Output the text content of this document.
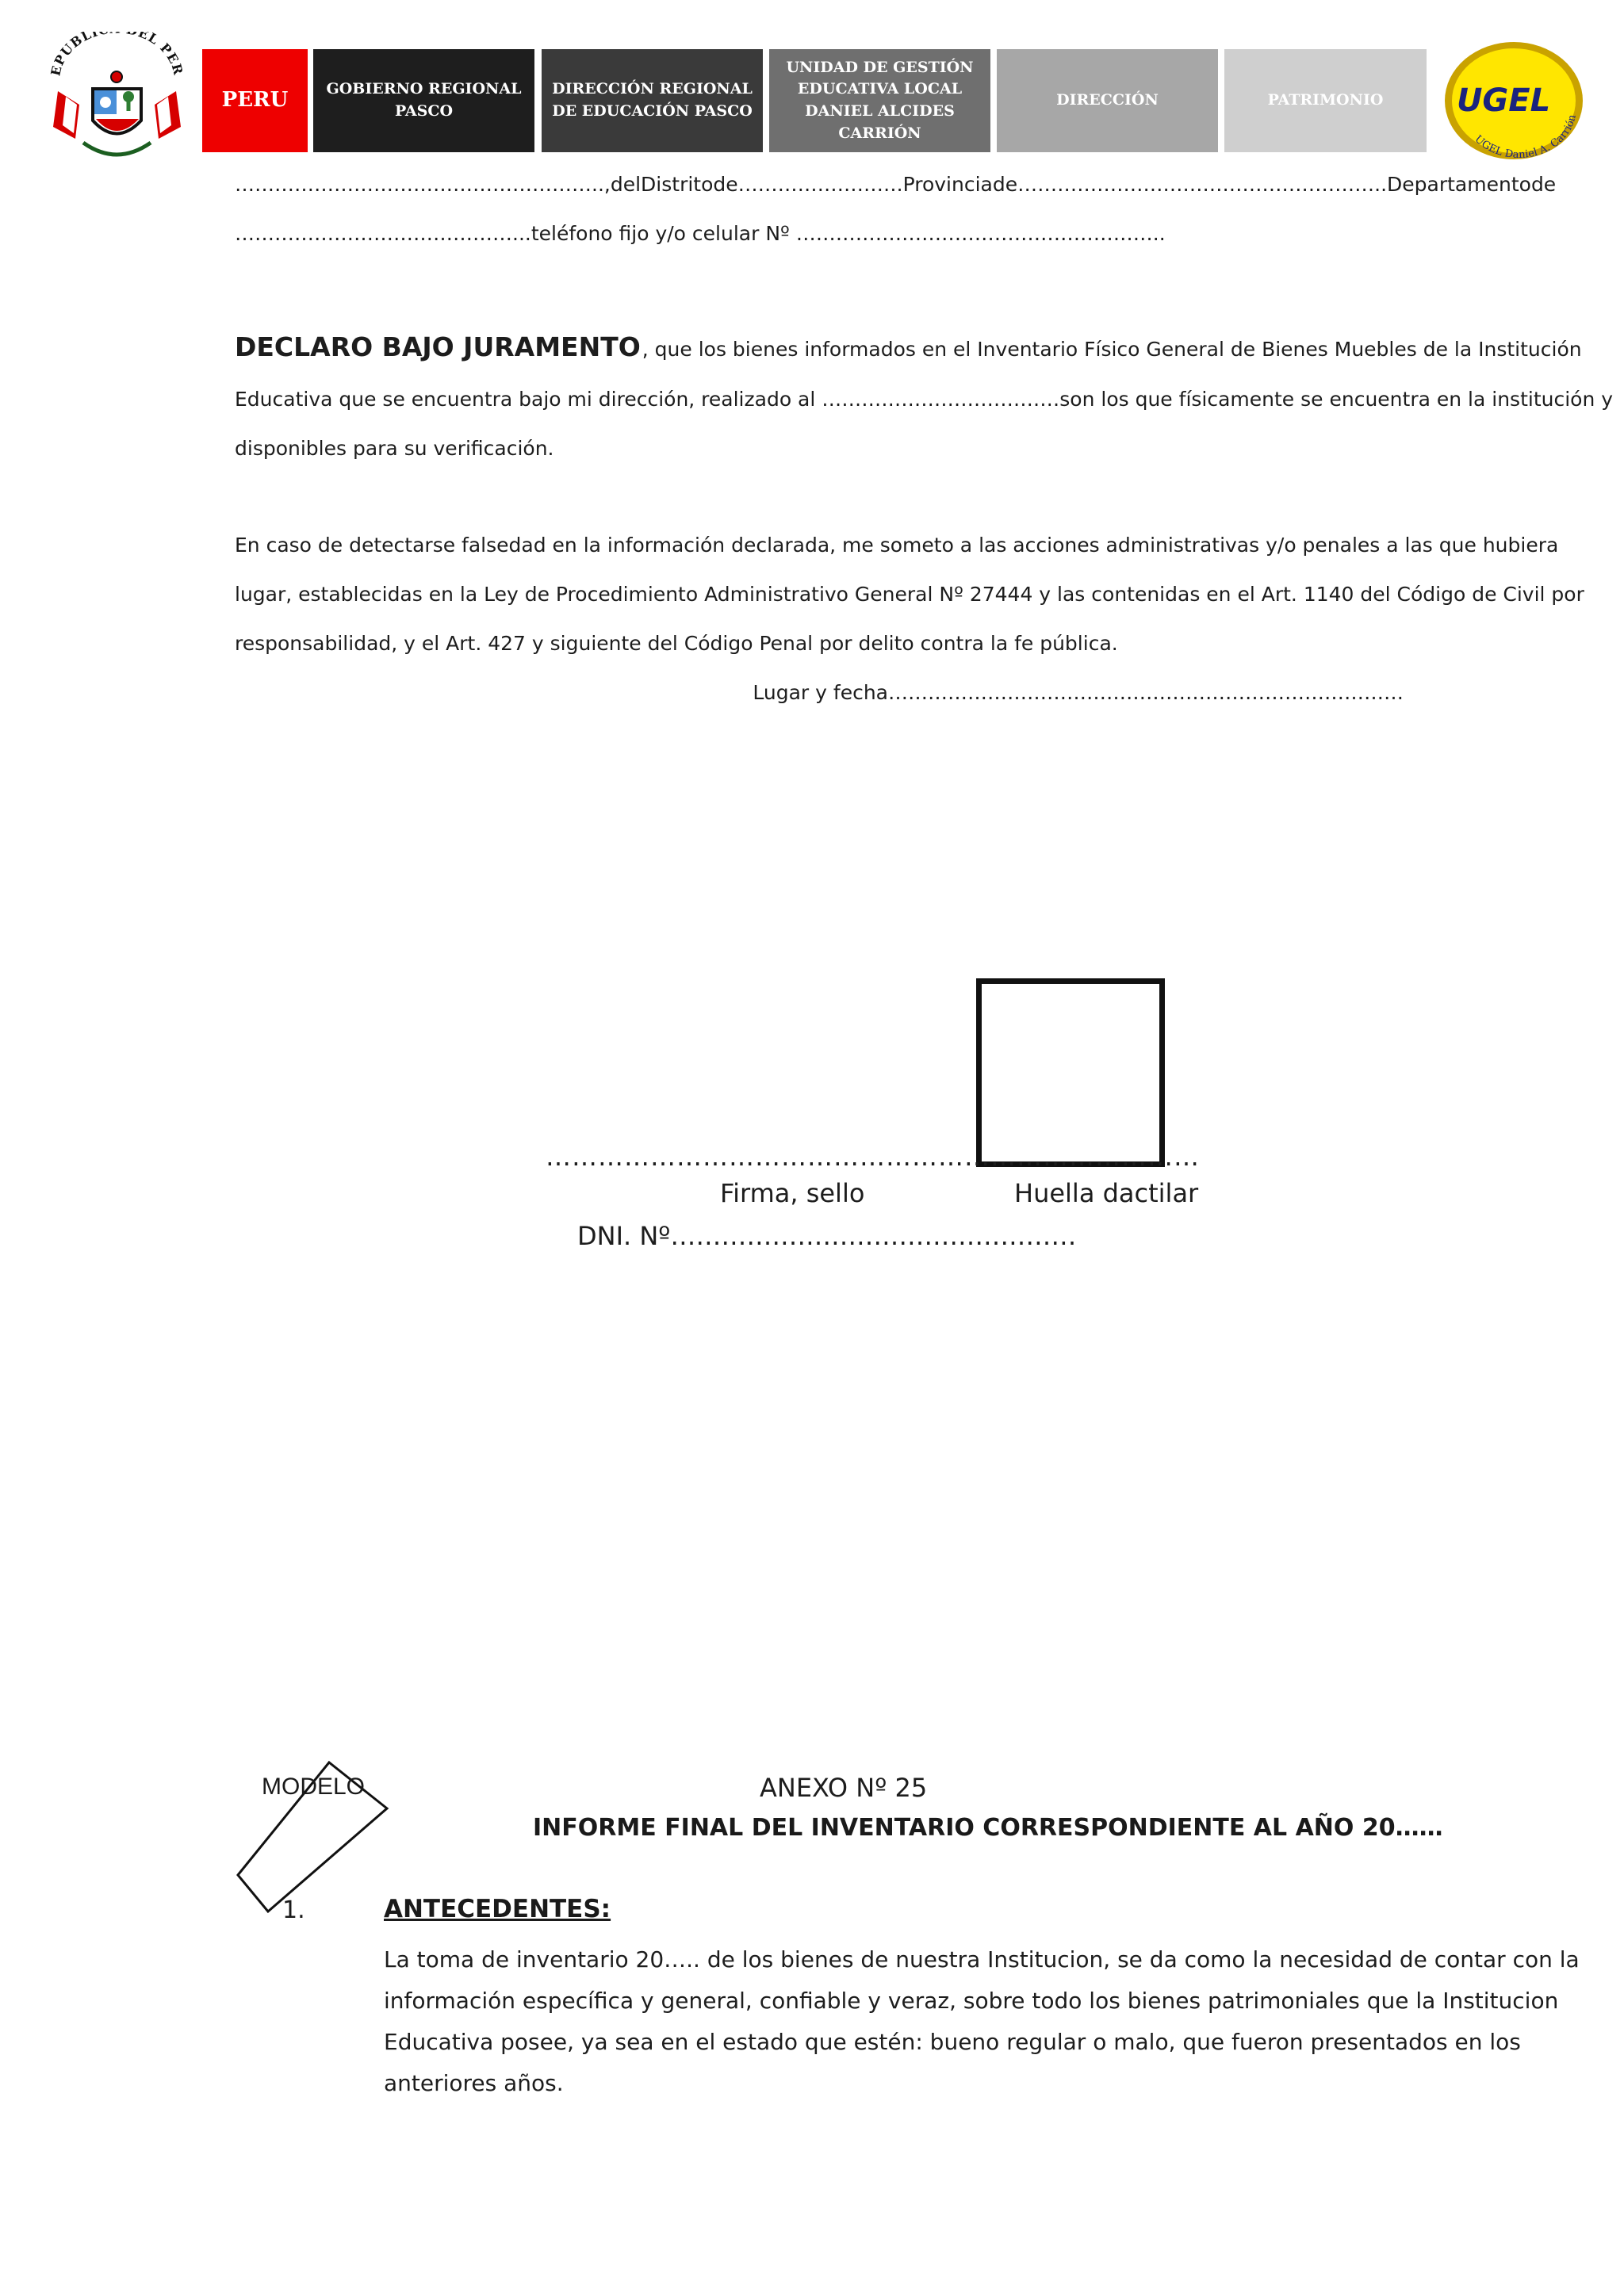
EPUBLI EL PER
PERU	GOBIERNO REGIONAL PASCO
DIRECCIÓN REGIONAL DE EDUCACIÓN PASCO
UNIDAD DE GESTIÓN EDUCATIVA LOCAL DANIEL ALCIDES CARRIÓN
DIRECCIÓN	PATRIMONIO
UGEL Daniel A. Carrión
UGEL
………………………………………………..,del Distrito de …………………….Provincia de ……………………………………………….. Departamento de
……………………………………...teléfono fijo y/o celular Nº ………………………………………………..
DECLARO BAJO JURAMENTO , que los bienes informados en el Inventario Físico General de Bienes Muebles de la Institución
Educativa que se encuentra bajo mi dirección, realizado al ………………………………son los que físicamente se encuentra en la institución y
disponibles para su verificación.
En caso de detectarse falsedad en la información declarada, me someto a las acciones administrativas y/o penales a las que hubiera
lugar, establecidas en la Ley de Procedimiento Administrativo General Nº 27444 y las contenidas en el Art. 1140 del Código de Civil por
responsabilidad, y el Art. 427 y siguiente del Código Penal por delito contra la fe pública.
Lugar y fecha……………………………………………………………………
…………………………………………………………………
Firma, sello	Huella dactilar
DNI. Nº…………………………………………
MODELO	ANEXO Nº 25
INFORME FINAL DEL INVENTARIO CORRESPONDIENTE AL AÑO 20……
1.	ANTECEDENTES:
La toma de inventario 20….. de los bienes de nuestra Institucion, se da como la necesidad de contar con la
información específica y general, confiable y veraz, sobre todo los bienes patrimoniales que la Institucion
Educativa posee, ya sea en el estado que estén: bueno regular o malo, que fueron presentados en los
anteriores años.
